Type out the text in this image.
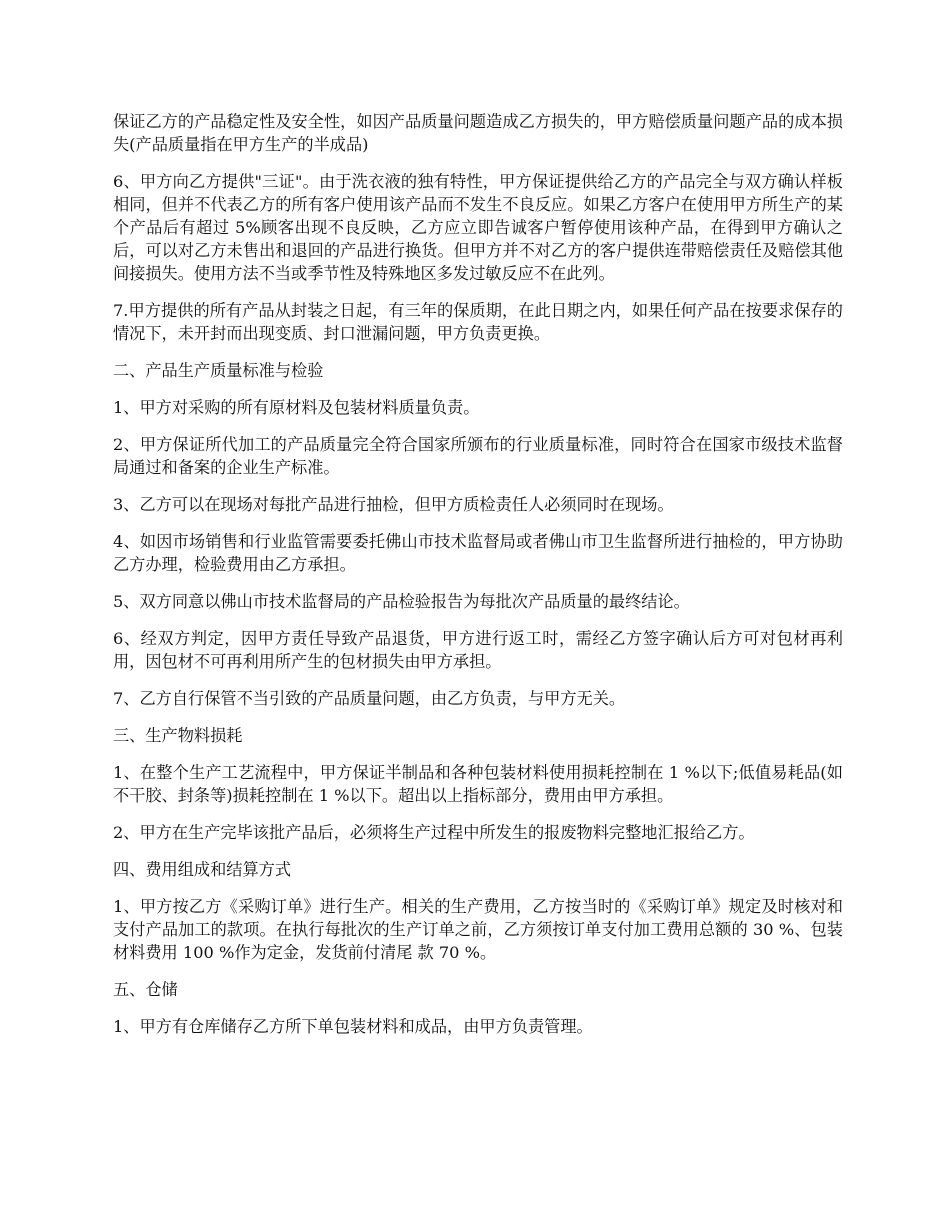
保证乙方的产品稳定性及安全性，如因产品质量问题造成乙方损失的，甲方赔偿质量问题产品的成本损失(产品质量指在甲方生产的半成品)

6、甲方向乙方提供"三证"。由于洗衣液的独有特性，甲方保证提供给乙方的产品完全与双方确认样板相同，但并不代表乙方的所有客户使用该产品而不发生不良反应。如果乙方客户在使用甲方所生产的某个产品后有超过 5%顾客出现不良反映，乙方应立即告诚客户暂停使用该种产品，在得到甲方确认之后，可以对乙方未售出和退回的产品进行换货。但甲方并不对乙方的客户提供连带赔偿责任及赔偿其他间接损失。使用方法不当或季节性及特殊地区多发过敏反应不在此列。

7.甲方提供的所有产品从封装之日起，有三年的保质期，在此日期之内，如果任何产品在按要求保存的情况下，未开封而出现变质、封口泄漏问题，甲方负责更换。

二、产品生产质量标准与检验

1、甲方对采购的所有原材料及包装材料质量负责。

2、甲方保证所代加工的产品质量完全符合国家所颁布的行业质量标准，同时符合在国家市级技术监督局通过和备案的企业生产标准。

3、乙方可以在现场对每批产品进行抽检，但甲方质检责任人必须同时在现场。

4、如因市场销售和行业监管需要委托佛山市技术监督局或者佛山市卫生监督所进行抽检的，甲方协助乙方办理，检验费用由乙方承担。

5、双方同意以佛山市技术监督局的产品检验报告为每批次产品质量的最终结论。

6、经双方判定，因甲方责任导致产品退货，甲方进行返工时，需经乙方签字确认后方可对包材再利用，因包材不可再利用所产生的包材损失由甲方承担。

7、乙方自行保管不当引致的产品质量问题，由乙方负责，与甲方无关。

三、生产物料损耗

1、在整个生产工艺流程中，甲方保证半制品和各种包装材料使用损耗控制在 1 %以下;低值易耗品(如不干胶、封条等)损耗控制在 1 %以下。超出以上指标部分，费用由甲方承担。

2、甲方在生产完毕该批产品后，必须将生产过程中所发生的报废物料完整地汇报给乙方。

四、费用组成和结算方式

1、甲方按乙方《采购订单》进行生产。相关的生产费用，乙方按当时的《采购订单》规定及时核对和支付产品加工的款项。在执行每批次的生产订单之前，乙方须按订单支付加工费用总额的 30 %、包装材料费用 100 %作为定金，发货前付清尾 款 70 %。

五、仓储

1、甲方有仓库储存乙方所下单包装材料和成品，由甲方负责管理。
